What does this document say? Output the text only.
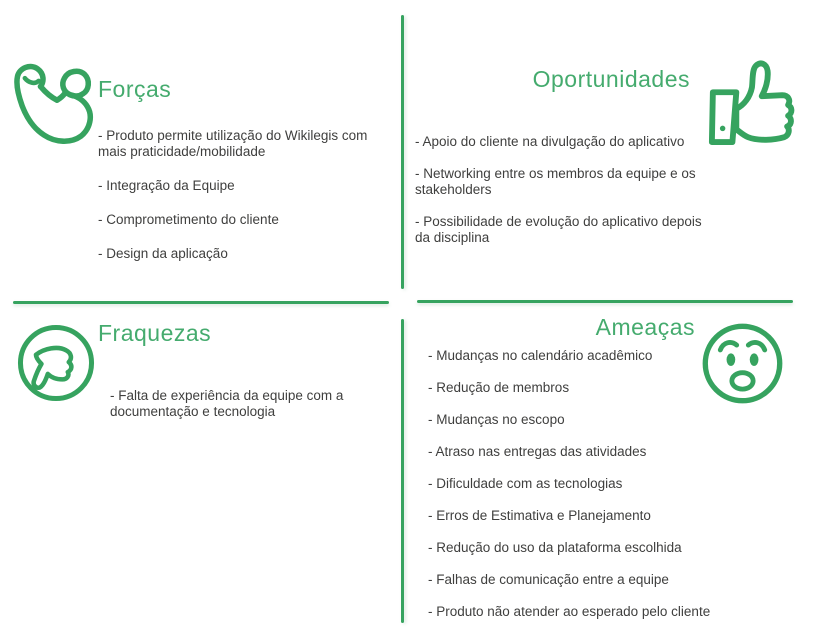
Forças
- Produto permite utilização do Wikilegis com mais praticidade/mobilidade
- Integração da Equipe
- Comprometimento do cliente
- Design da aplicação
Oportunidades
- Apoio do cliente na divulgação do aplicativo
- Networking entre os membros da equipe e os stakeholders
- Possibilidade de evolução do aplicativo depois da disciplina
Fraquezas
- Falta de experiência da equipe com a documentação e tecnologia
Ameaças
- Mudanças no calendário acadêmico
- Redução de membros
- Mudanças no escopo
- Atraso nas entregas das atividades
- Dificuldade com as tecnologias
- Erros de Estimativa e Planejamento
- Redução do uso da plataforma escolhida
- Falhas de comunicação entre a equipe
- Produto não atender ao esperado pelo cliente
